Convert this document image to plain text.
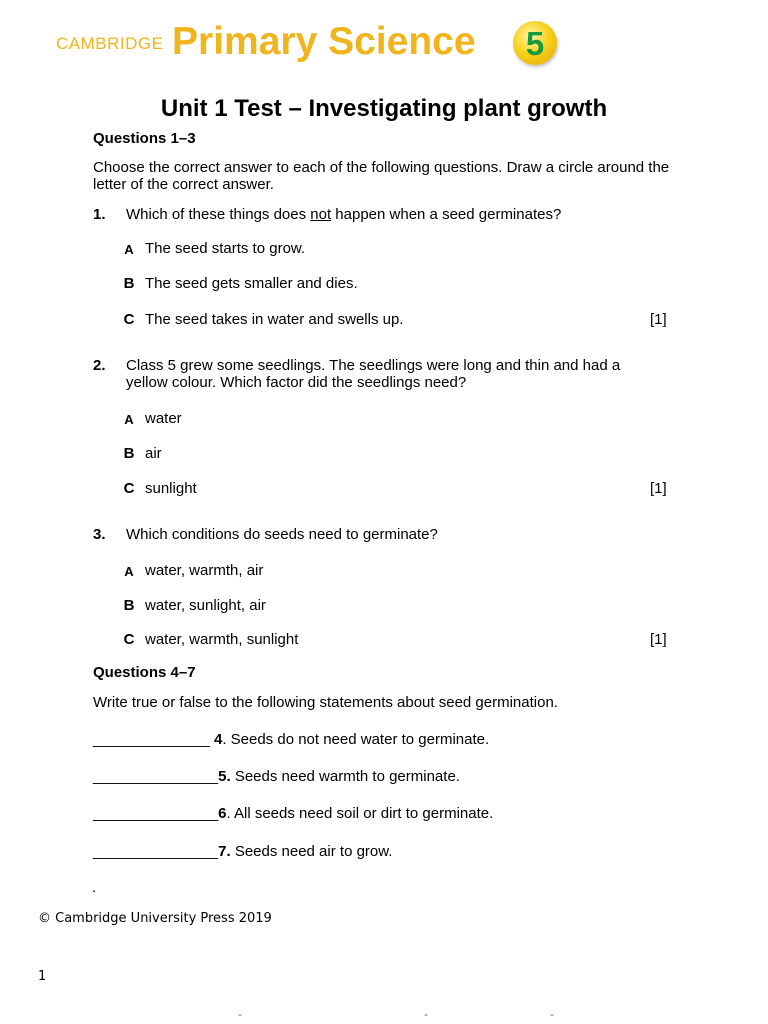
CAMBRIDGE Primary Science 5
Unit 1 Test – Investigating plant growth
Questions 1–3
Choose the correct answer to each of the following questions. Draw a circle around the letter of the correct answer.
1. Which of these things does not happen when a seed germinates?
A The seed starts to grow.
B The seed gets smaller and dies.
C The seed takes in water and swells up.	[1]
2. Class 5 grew some seedlings. The seedlings were long and thin and had a yellow colour. Which factor did the seedlings need?
A water
B air
C sunlight	[1]
3. Which conditions do seeds need to germinate?
A water, warmth, air
B water, sunlight, air
C water, warmth, sunlight	[1]
Questions 4–7
Write true or false to the following statements about seed germination.
______________ 4. Seeds do not need water to germinate.
_______________5. Seeds need warmth to germinate.
_______________6. All seeds need soil or dirt to germinate.
_______________7. Seeds need air to grow.
.
© Cambridge University Press 2019
1
-	-	-
